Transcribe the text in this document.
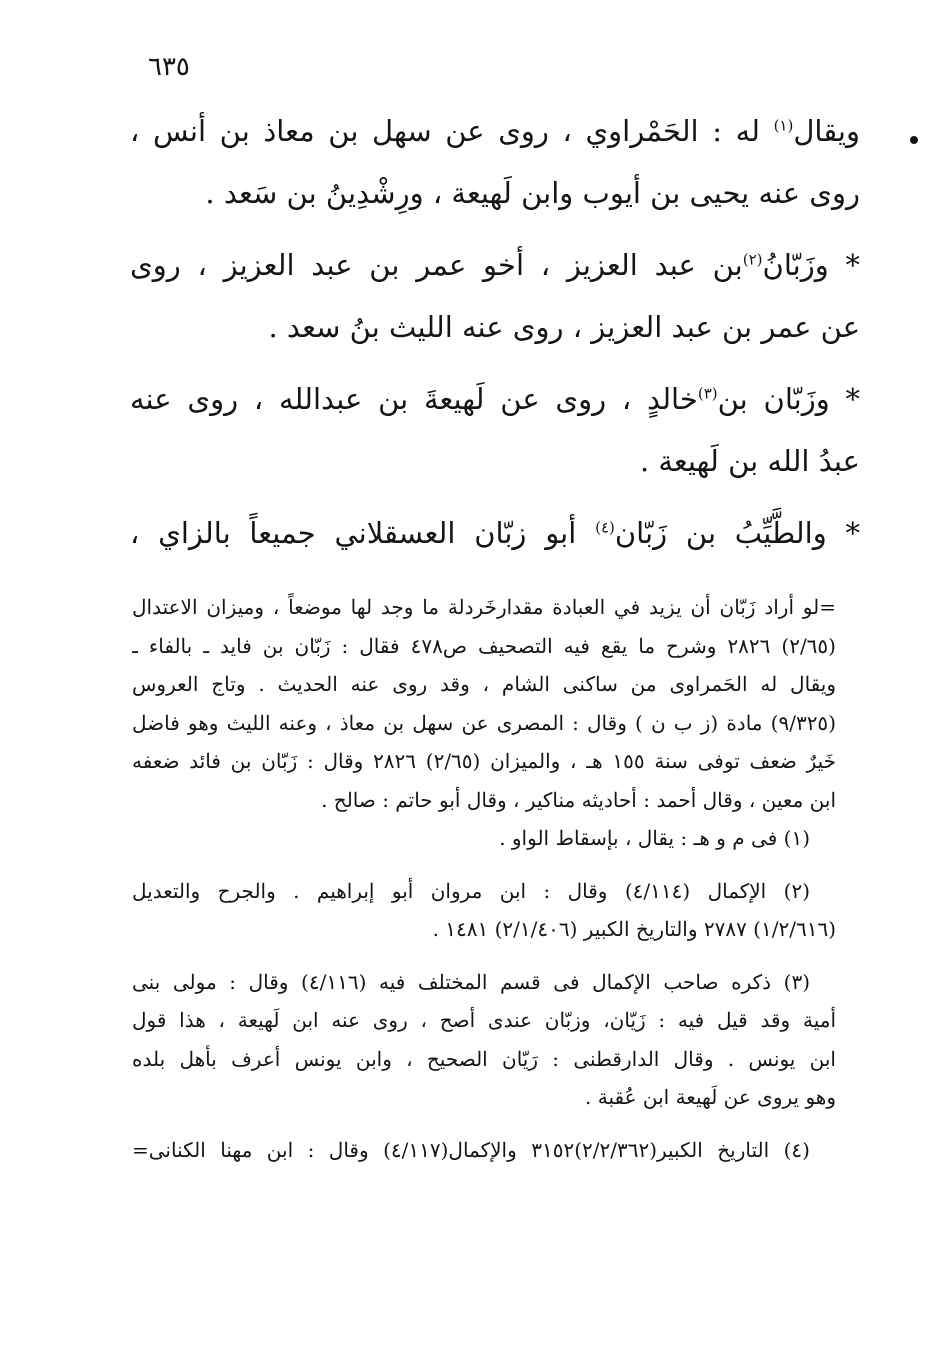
٦٣٥
ويقال$^{(١)}$ له : الحَمْراوي ، روى عن سهل بن معاذ بن أنس ،
روى عنه يحيى بن أيوب وابن لَهيعة ، ورِشْدِينُ بن سَعد .
* وزَبّانُ$^{(٢)}$بن عبد العزيز ، أخو عمر بن عبد العزيز ، روى
عن عمر بن عبد العزيز ، روى عنه الليث بنُ سعد .
* وزَبّان بن$^{(٣)}$خالدٍ ، روى عن لَهيعةَ بن عبدالله ، روى عنه
عبدُ الله بن لَهيعة .
* والطَّيِّبُ بن زَبّان$^{(٤)}$ أبو زبّان العسقلاني جميعاً بالزاي ،
=لو أراد زَبّان أن يزيد في العبادة مقدارخَردلة ما وجد لها موضعاً ، وميزان الاعتدال
(٢/٦٥) ٢٨٢٦ وشرح ما يقع فيه التصحيف ص٤٧٨ فقال : زَبّان بن فايد ـ بالفاء ـ
ويقال له الحَمراوى من ساكنى الشام ، وقد روى عنه الحديث . وتاج العروس
(٩/٣٢٥) مادة (ز ب ن ) وقال : المصرى عن سهل بن معاذ ، وعنه الليث وهو فاضل
خَيرٌ ضعف توفى سنة ١٥٥ هـ ، والميزان (٢/٦٥) ٢٨٢٦ وقال : زَبّان بن فائد ضعفه
ابن معين ، وقال أحمد : أحاديثه مناكير ، وقال أبو حاتم : صالح .
(١) فى م و هـ : يقال ، بإسقاط الواو .
(٢) الإكمال (٤/١١٤) وقال : ابن مروان أبو إبراهيم . والجرح والتعديل
(١/٢/٦١٦) ٢٧٨٧ والتاريخ الكبير (٢/١/٤٠٦) ١٤٨١ .
(٣) ذكره صاحب الإكمال فى قسم المختلف فيه (٤/١١٦) وقال : مولى بنى
أمية وقد قيل فيه : زَيّان، وزبّان عندى أصح ، روى عنه ابن لَهيعة ، هذا قول
ابن يونس . وقال الدارقطنى : رَيّان الصحيح ، وابن يونس أعرف بأهل بلده
وهو يروى عن لَهيعة ابن عُقبة .
(٤) التاريخ الكبير(٢/٢/٣٦٢)٣١٥٢ والإكمال(٤/١١٧) وقال : ابن مهنا الكنانى=
